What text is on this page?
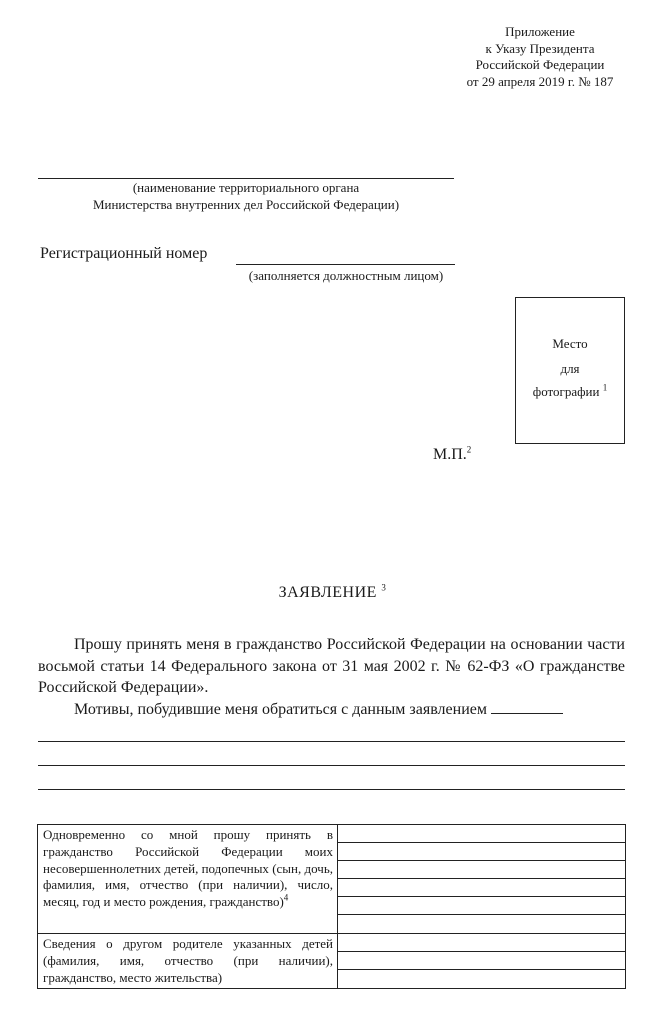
Приложение
к Указу Президента
Российской Федерации
от 29 апреля 2019 г. № 187
(наименование территориального органа
Министерства внутренних дел Российской Федерации)
Регистрационный номер
(заполняется должностным лицом)
Место
для
фотографии $^1$
М.П.$^2$
ЗАЯВЛЕНИЕ $^3$

Прошу принять меня в гражданство Российской Федерации на основании части восьмой статьи 14 Федерального закона от 31 мая 2002 г. № 62-ФЗ «О гражданстве Российской Федерации».

Мотивы, побудившие меня обратиться с данным заявлением

Одновременно со мной прошу принять в гражданство Российской Федерации моих несовершеннолетних детей, подопечных (сын, дочь, фамилия, имя, отчество (при наличии), число, месяц, год и место рождения, гражданство)$^4$	

Сведения о другом родителе указанных детей (фамилия, имя, отчество (при наличии), гражданство, место жительства)	
